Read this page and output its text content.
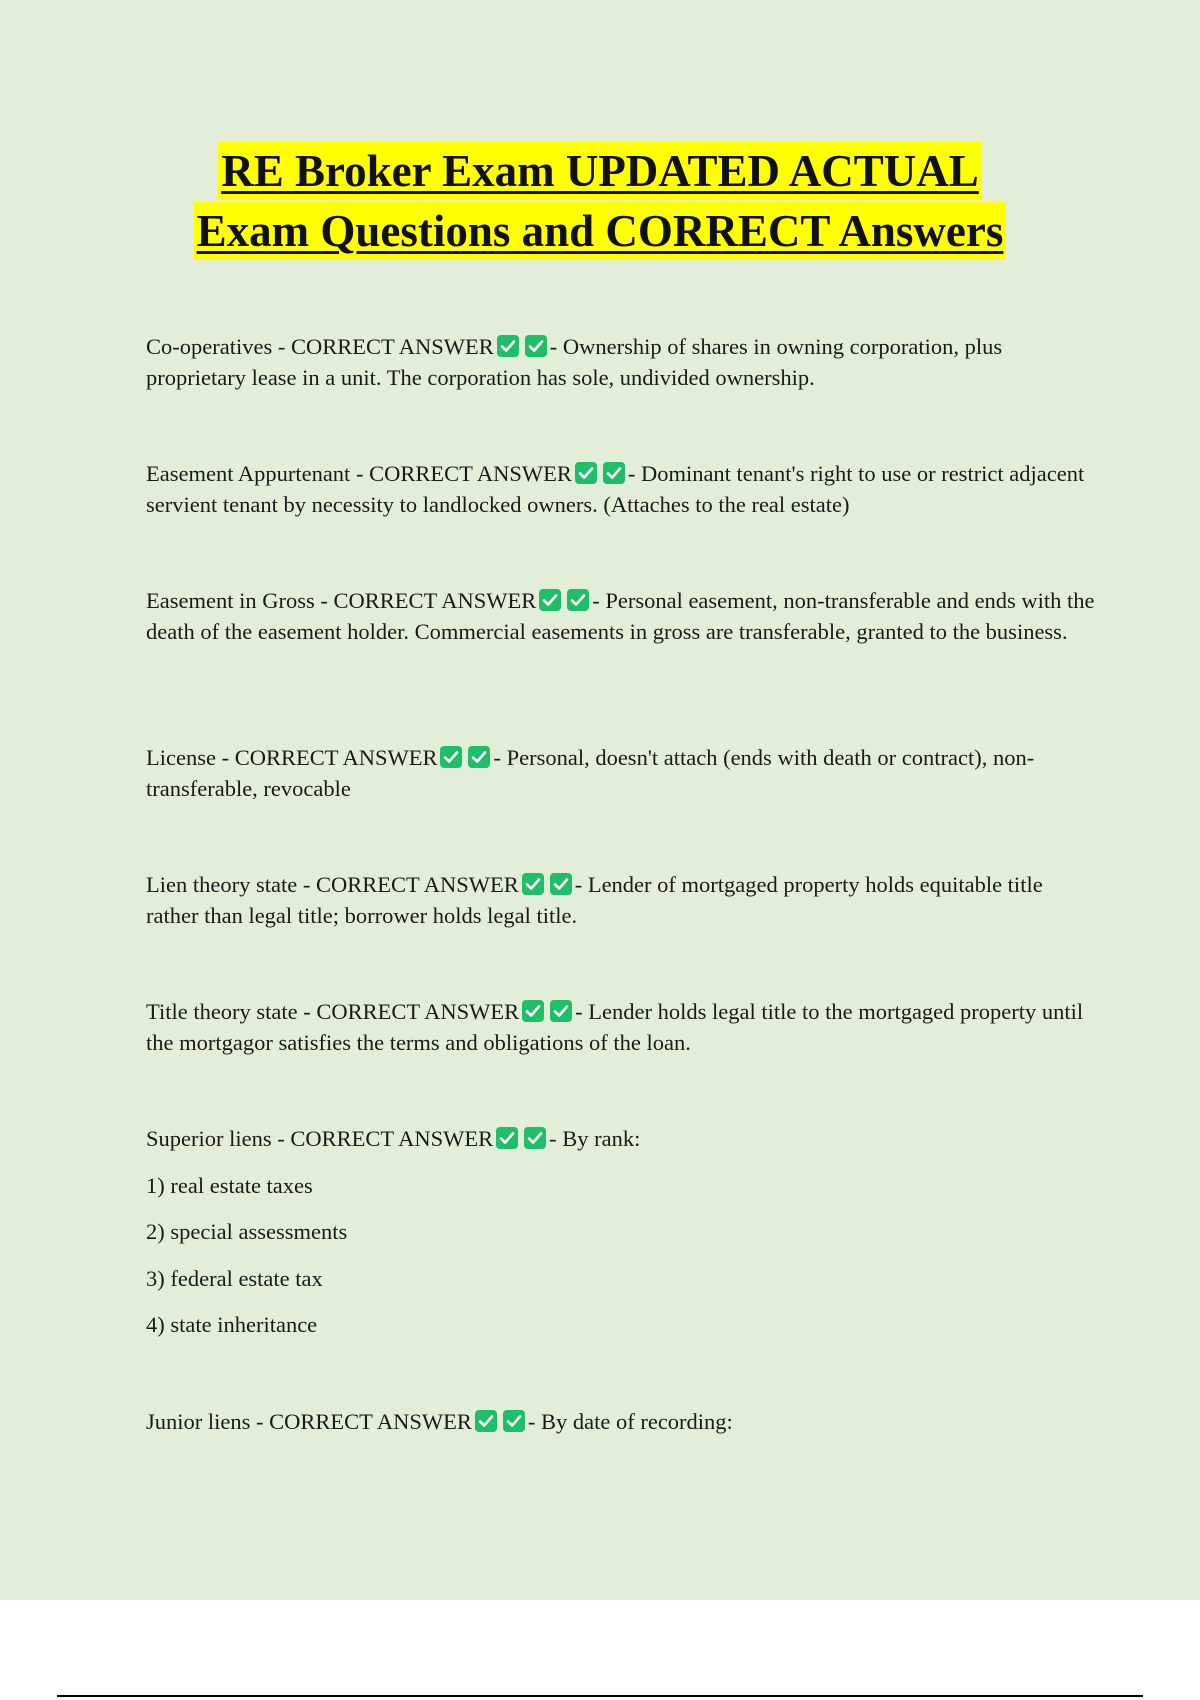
RE Broker Exam UPDATED ACTUAL
Exam Questions and CORRECT Answers
Co-operatives - CORRECT ANSWER - Ownership of shares in owning corporation, plus proprietary lease in a unit. The corporation has sole, undivided ownership.
Easement Appurtenant - CORRECT ANSWER - Dominant tenant's right to use or restrict adjacent servient tenant by necessity to landlocked owners. (Attaches to the real estate)
Easement in Gross - CORRECT ANSWER - Personal easement, non-transferable and ends with the death of the easement holder. Commercial easements in gross are transferable, granted to the business.
License - CORRECT ANSWER - Personal, doesn't attach (ends with death or contract), non-transferable, revocable
Lien theory state - CORRECT ANSWER - Lender of mortgaged property holds equitable title rather than legal title; borrower holds legal title.
Title theory state - CORRECT ANSWER - Lender holds legal title to the mortgaged property until the mortgagor satisfies the terms and obligations of the loan.
Superior liens - CORRECT ANSWER - By rank:
1) real estate taxes
2) special assessments
3) federal estate tax
4) state inheritance
Junior liens - CORRECT ANSWER - By date of recording:
